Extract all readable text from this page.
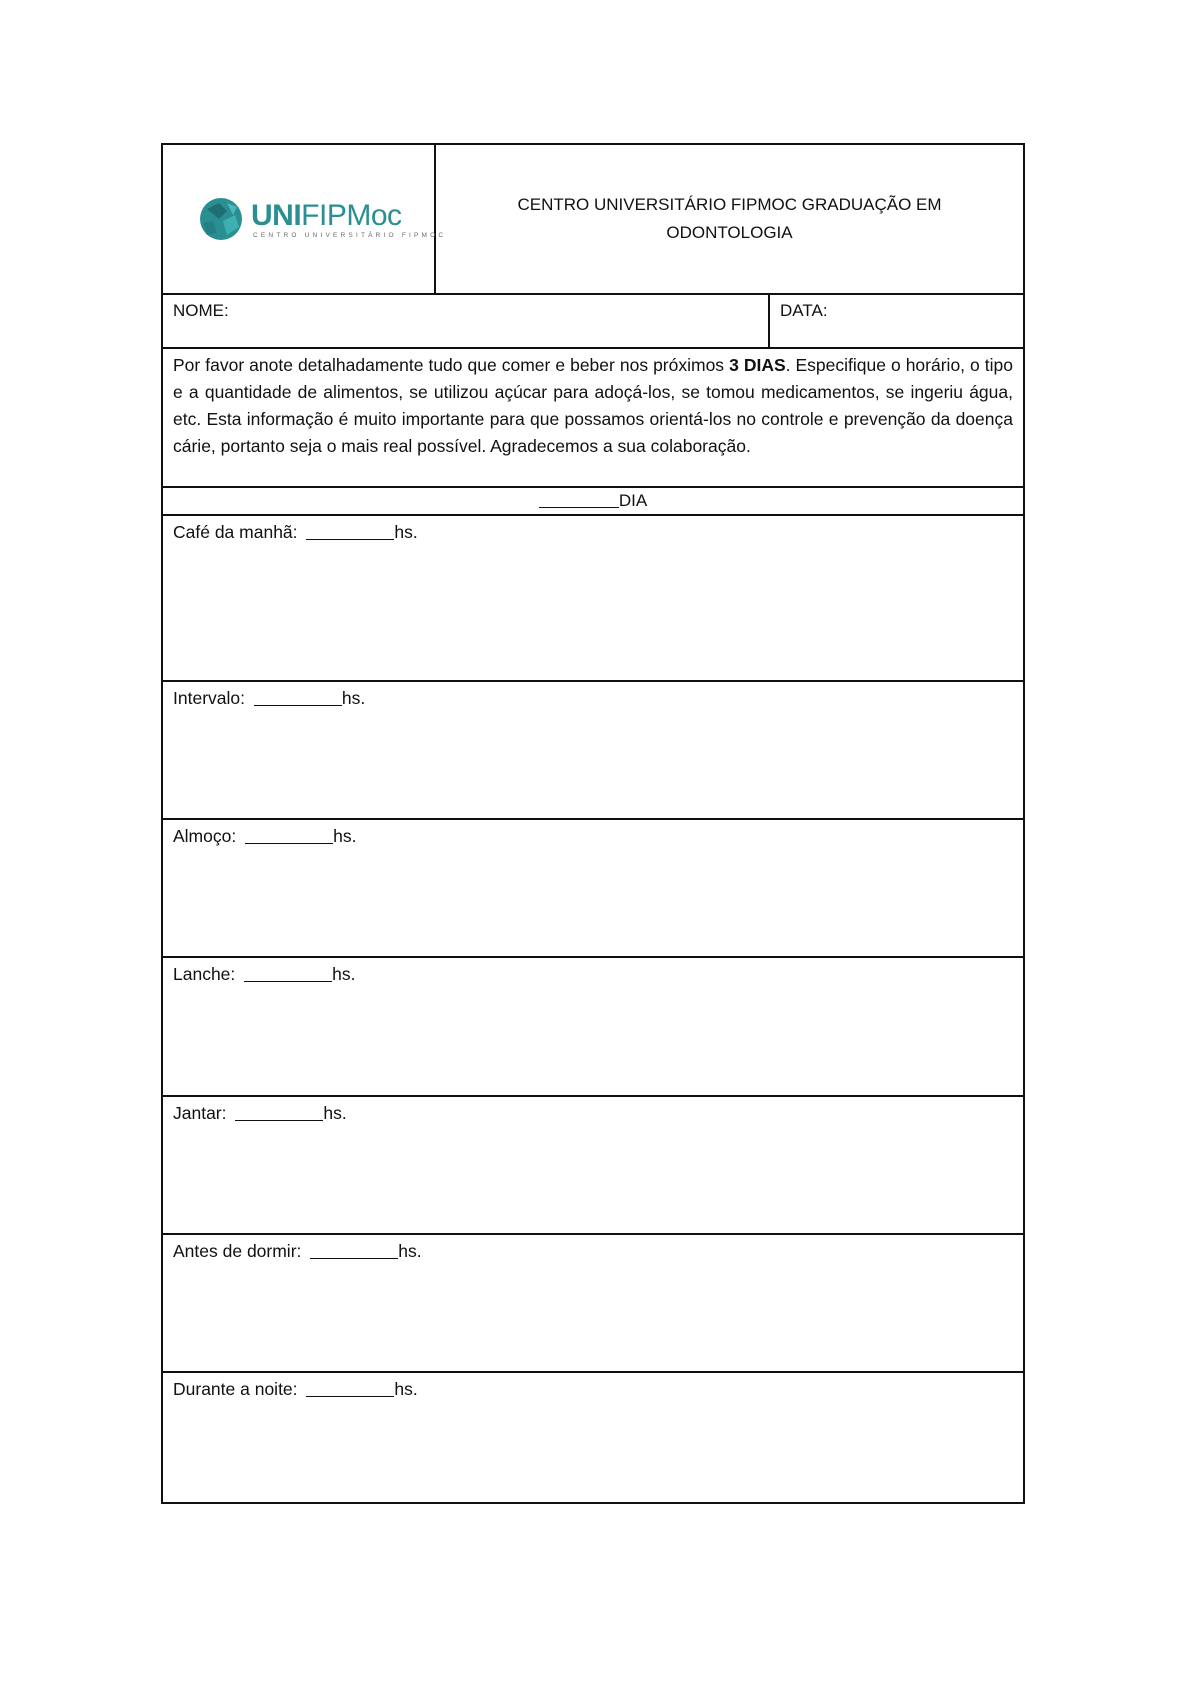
UNIFIPMoc
CENTRO UNIVERSITÁRIO FIPMOC
CENTRO UNIVERSITÁRIO FIPMOC GRADUAÇÃO EM ODONTOLOGIA
NOME:	DATA:

Por favor anote detalhadamente tudo que comer e beber nos próximos 3 DIAS. Especifique o horário, o tipo e a quantidade de alimentos, se utilizou açúcar para adoçá-los, se tomou medicamentos, se ingeriu água, etc. Esta informação é muito importante para que possamos orientá-los no controle e prevenção da doença cárie, portanto seja o mais real possível. Agradecemos a sua colaboração.

DIA
Café da manhã:	hs.
Intervalo:	hs.
Almoço:	hs.
Lanche:	hs.
Jantar:	hs.
Antes de dormir:	hs.
Durante a noite:	hs.
